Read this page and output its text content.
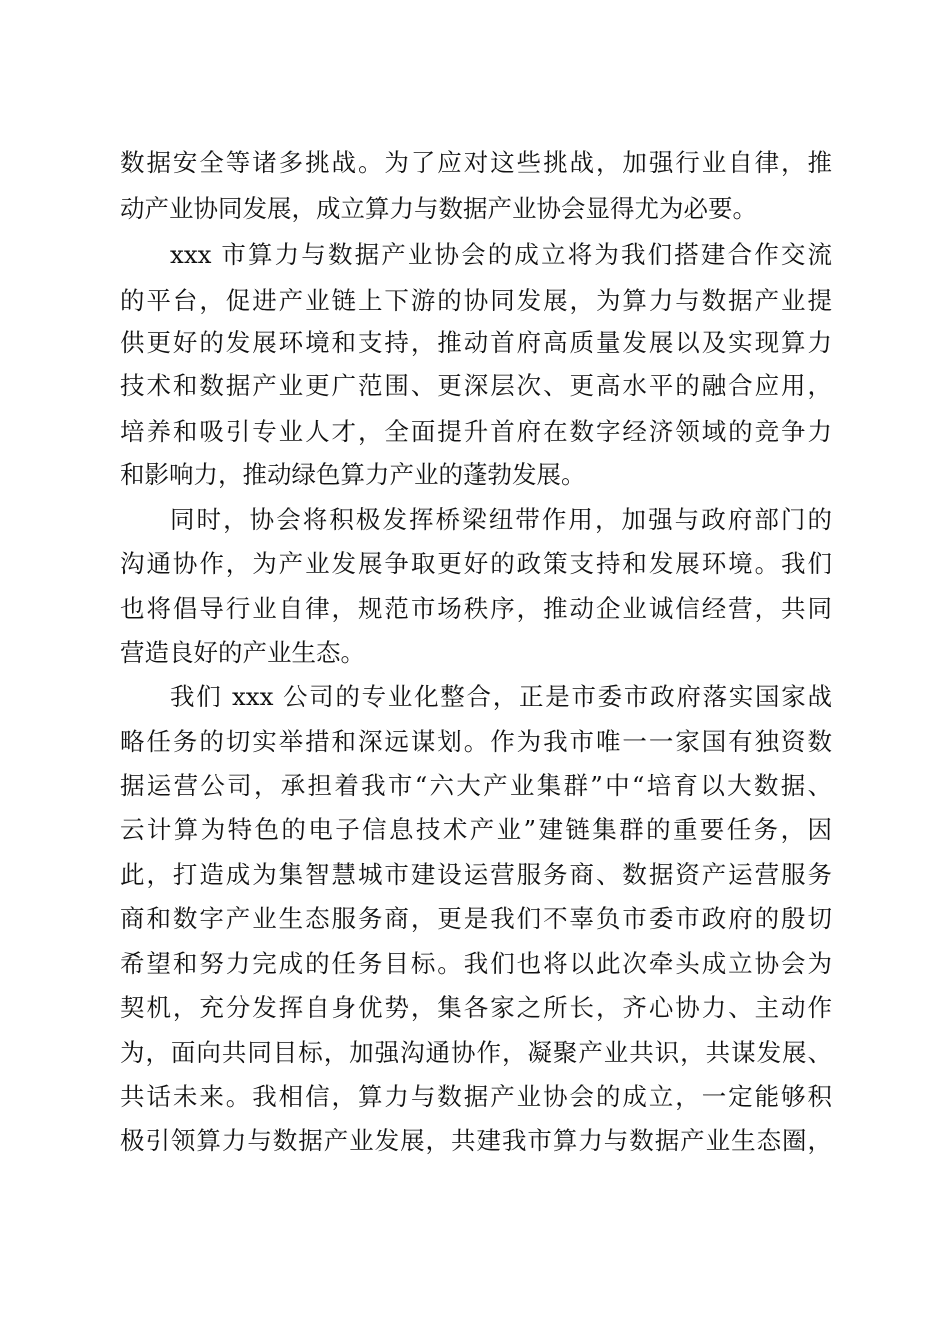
数据安全等诸多挑战。为了应对这些挑战，加强行业自律，推

动产业协同发展，成立算力与数据产业协会显得尤为必要。

xxx 市算力与数据产业协会的成立将为我们搭建合作交流

的平台，促进产业链上下游的协同发展，为算力与数据产业提

供更好的发展环境和支持，推动首府高质量发展以及实现算力

技术和数据产业更广范围、更深层次、更高水平的融合应用，

培养和吸引专业人才，全面提升首府在数字经济领域的竞争力

和影响力，推动绿色算力产业的蓬勃发展。

同时，协会将积极发挥桥梁纽带作用，加强与政府部门的

沟通协作，为产业发展争取更好的政策支持和发展环境。我们

也将倡导行业自律，规范市场秩序，推动企业诚信经营，共同

营造良好的产业生态。

我们 xxx 公司的专业化整合，正是市委市政府落实国家战

略任务的切实举措和深远谋划。作为我市唯一一家国有独资数

据运营公司，承担着我市“六大产业集群”中“培育以大数据、

云计算为特色的电子信息技术产业”建链集群的重要任务，因

此，打造成为集智慧城市建设运营服务商、数据资产运营服务

商和数字产业生态服务商，更是我们不辜负市委市政府的殷切

希望和努力完成的任务目标。我们也将以此次牵头成立协会为

契机，充分发挥自身优势，集各家之所长，齐心协力、主动作

为，面向共同目标，加强沟通协作，凝聚产业共识，共谋发展、

共话未来。我相信，算力与数据产业协会的成立，一定能够积

极引领算力与数据产业发展，共建我市算力与数据产业生态圈，
